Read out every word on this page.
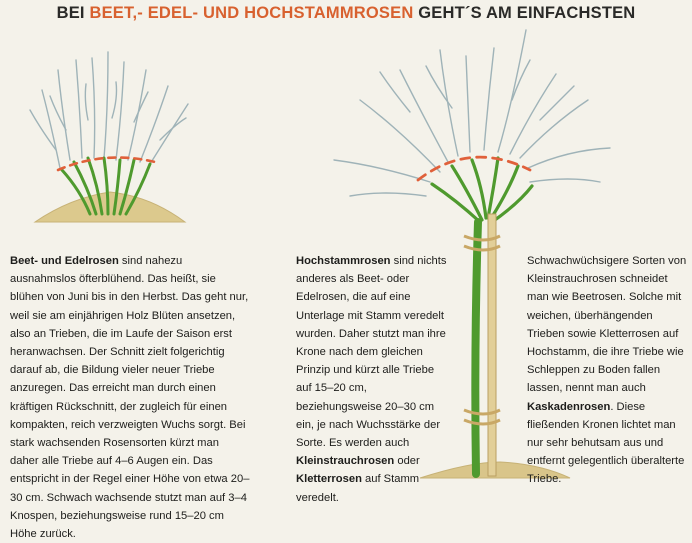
BEI BEET,- EDEL- UND HOCHSTAMMROSEN GEHT´S AM EINFACHSTEN

Beet- und Edelrosen sind nahezu ausnahmslos öfterblühend. Das heißt, sie blühen von Juni bis in den Herbst. Das geht nur, weil sie am einjährigen Holz Blüten ansetzen, also an Trieben, die im Laufe der Saison erst heranwachsen. Der Schnitt zielt folgerichtig darauf ab, die Bildung vieler neuer Triebe anzuregen. Das erreicht man durch einen kräftigen Rückschnitt, der zugleich für einen kompakten, reich verzweigten Wuchs sorgt. Bei stark wachsenden Rosensorten kürzt man daher alle Triebe auf 4–6 Augen ein. Das entspricht in der Regel einer Höhe von etwa 20–30 cm. Schwach wachsende stutzt man auf 3–4 Knospen, beziehungsweise rund 15–20 cm Höhe zurück.

Hochstammrosen sind nichts anderes als Beet- oder Edelrosen, die auf eine Unterlage mit Stamm veredelt wurden. Daher stutzt man ihre Krone nach dem gleichen Prinzip und kürzt alle Triebe auf 15–20 cm, beziehungsweise 20–30 cm ein, je nach Wuchsstärke der Sorte. Es werden auch Kleinstrauchrosen oder Kletterrosen auf Stamm veredelt.

Schwachwüchsigere Sorten von Kleinstrauchrosen schneidet man wie Beetrosen. Solche mit weichen, überhängenden Trieben sowie Kletterrosen auf Hochstamm, die ihre Triebe wie Schleppen zu Boden fallen lassen, nennt man auch Kaskadenrosen. Diese fließenden Kronen lichtet man nur sehr behutsam aus und entfernt gelegentlich überalterte Triebe.
